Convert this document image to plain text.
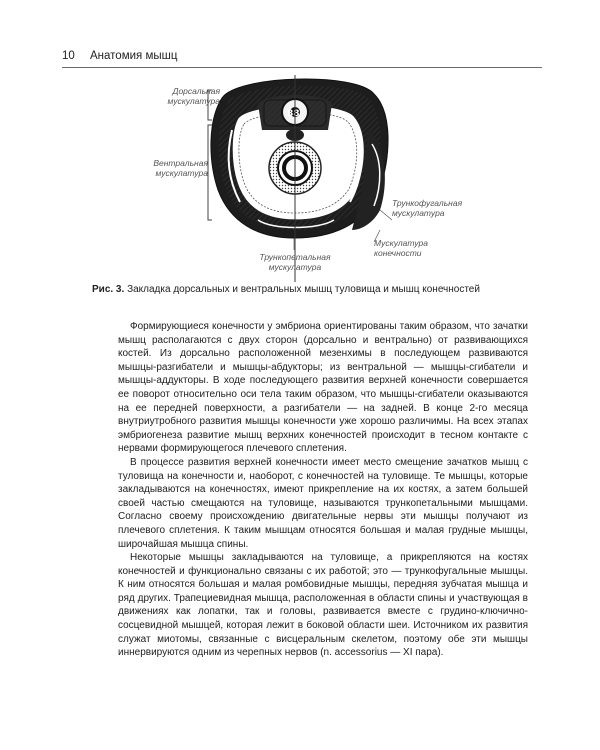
10 Анатомия мышц
88
Дорсальная мускулатура
Вентральная мускулатура
Трункофугальная мускулатура
Мускулатура конечности
Трункопетальная мускулатура
Рис. 3. Закладка дорсальных и вентральных мышц туловища и мышц конечностей

Формирующиеся конечности у эмбриона ориентированы таким образом, что зачатки мышц располагаются с двух сторон (дорсально и вентрально) от развивающихся костей. Из дорсально расположенной мезенхимы в последующем развиваются мышцы-разгибатели и мышцы-абдукторы; из вентральной — мышцы-сгибатели и мышцы-аддукторы. В ходе последующего развития верхней конечности совершается ее поворот относительно оси тела таким образом, что мышцы-сгибатели оказываются на ее передней поверхности, а разгибатели — на задней. В конце 2-го месяца внутриутробного развития мышцы конечности уже хорошо различимы. На всех этапах эмбриогенеза развитие мышц верхних конечностей происходит в тесном контакте с нервами формирующегося плечевого сплетения.

В процессе развития верхней конечности имеет место смещение зачатков мышц с туловища на конечности и, наоборот, с конечностей на туловище. Те мышцы, которые закладываются на конечностях, имеют прикрепление на их костях, а затем большей своей частью смещаются на туловище, называются трункопетальными мышцами. Согласно своему происхождению двигательные нервы эти мышцы получают из плечевого сплетения. К таким мышцам относятся большая и малая грудные мышцы, широчайшая мышца спины.

Некоторые мышцы закладываются на туловище, а прикрепляются на костях конечностей и функционально связаны с их работой; это — трункофугальные мышцы. К ним относятся большая и малая ромбовидные мышцы, передняя зубчатая мышца и ряд других. Трапециевидная мышца, расположенная в области спины и участвующая в движениях как лопатки, так и головы, развивается вместе с грудино-ключично-сосцевидной мышцей, которая лежит в боковой области шеи. Источником их развития служат миотомы, связанные с висцеральным скелетом, поэтому обе эти мышцы иннервируются одним из черепных нервов (n. accessorius — XI пара).
